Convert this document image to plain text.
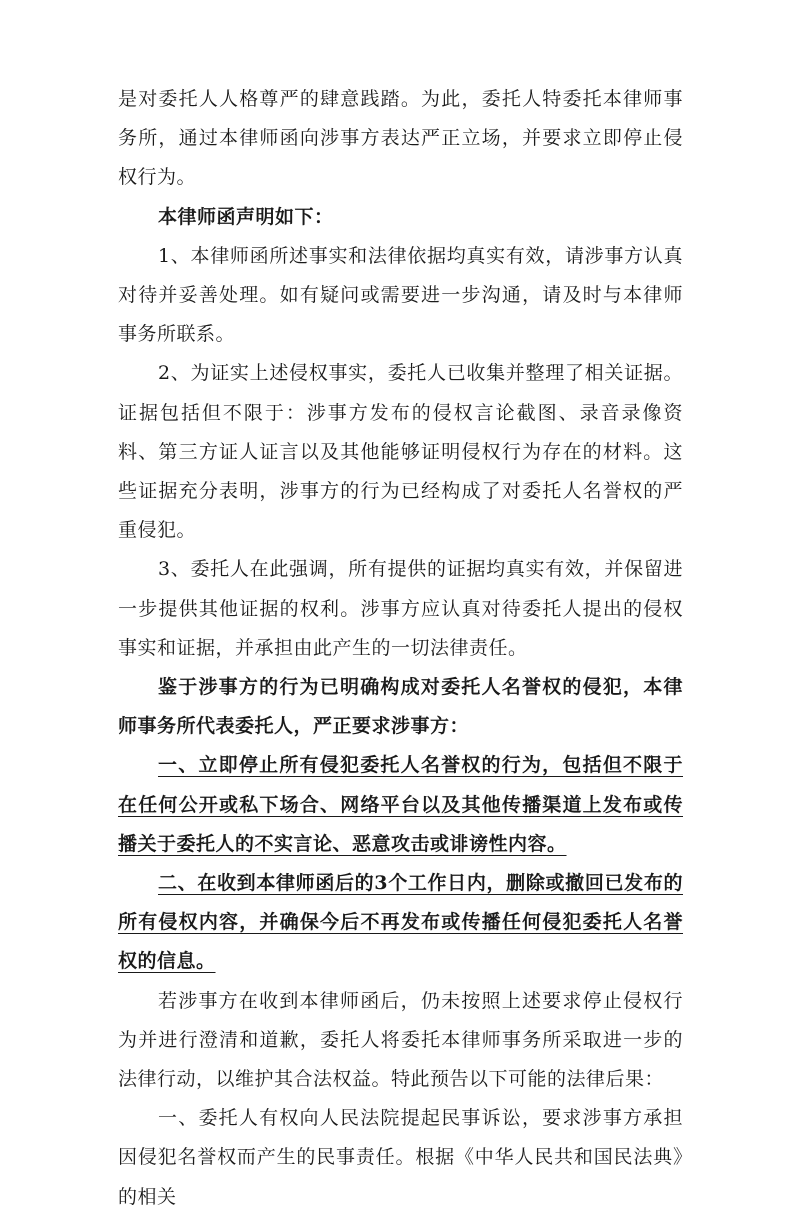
是对委托人人格尊严的肆意践踏。为此，委托人特委托本律师事务所，通过本律师函向涉事方表达严正立场，并要求立即停止侵权行为。

本律师函声明如下：

1、本律师函所述事实和法律依据均真实有效，请涉事方认真对待并妥善处理。如有疑问或需要进一步沟通，请及时与本律师事务所联系。

2、为证实上述侵权事实，委托人已收集并整理了相关证据。证据包括但不限于：涉事方发布的侵权言论截图、录音录像资料、第三方证人证言以及其他能够证明侵权行为存在的材料。这些证据充分表明，涉事方的行为已经构成了对委托人名誉权的严重侵犯。

3、委托人在此强调，所有提供的证据均真实有效，并保留进一步提供其他证据的权利。涉事方应认真对待委托人提出的侵权事实和证据，并承担由此产生的一切法律责任。

鉴于涉事方的行为已明确构成对委托人名誉权的侵犯，本律师事务所代表委托人，严正要求涉事方：

一、立即停止所有侵犯委托人名誉权的行为，包括但不限于在任何公开或私下场合、网络平台以及其他传播渠道上发布或传播关于委托人的不实言论、恶意攻击或诽谤性内容。

二、在收到本律师函后的3个工作日内，删除或撤回已发布的所有侵权内容，并确保今后不再发布或传播任何侵犯委托人名誉权的信息。

若涉事方在收到本律师函后，仍未按照上述要求停止侵权行为并进行澄清和道歉，委托人将委托本律师事务所采取进一步的法律行动，以维护其合法权益。特此预告以下可能的法律后果：

一、委托人有权向人民法院提起民事诉讼，要求涉事方承担因侵犯名誉权而产生的民事责任。根据《中华人民共和国民法典》的相关
